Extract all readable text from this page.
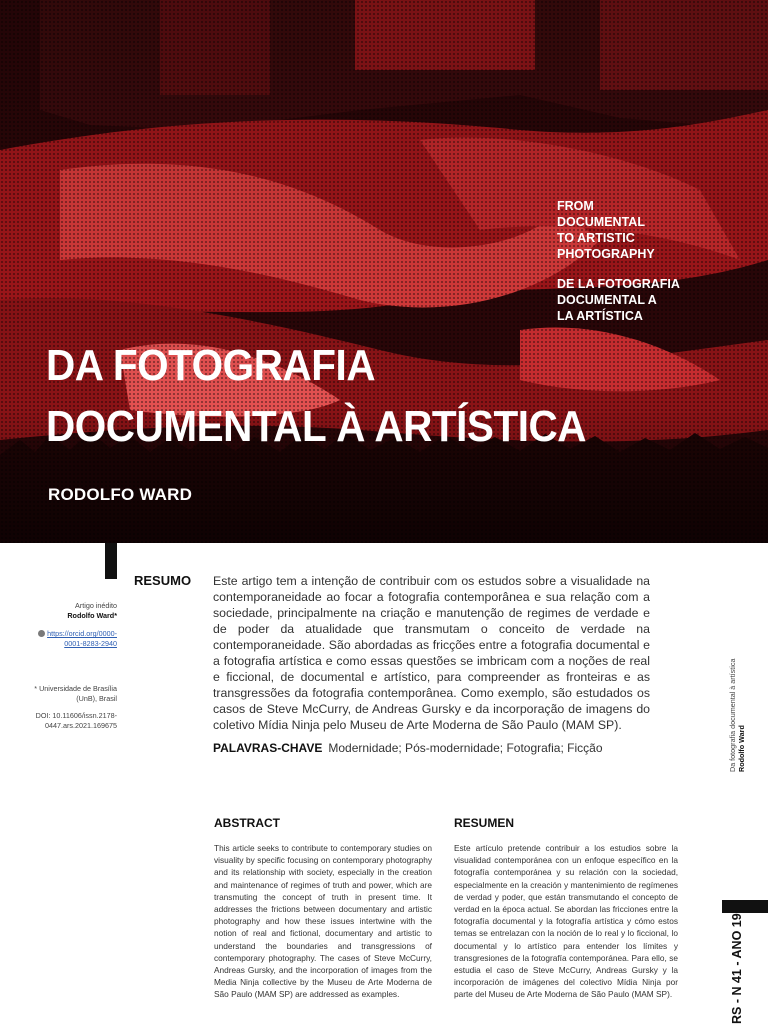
FROM
DOCUMENTAL
TO ARTISTIC
PHOTOGRAPHY
DE LA FOTOGRAFIA
DOCUMENTAL A
LA ARTÍSTICA
DA FOTOGRAFIA
DOCUMENTAL À ARTÍSTICA
RODOLFO WARD
RESUMO Este artigo tem a intenção de contribuir com os estudos sobre a visualidade na contemporaneidade ao focar a fotografia contemporânea e sua relação com a sociedade, principalmente na criação e manutenção de regimes de verdade e de poder da atualidade que transmutam o conceito de verdade na contemporaneidade. São abordadas as fricções entre a fotografia documental e a fotografia artística e como essas questões se imbricam com a noções de real e ficcional, de documental e artístico, para compreender as fronteiras e as transgressões da fotografia contemporânea. Como exemplo, são estudados os casos de Steve McCurry, de Andreas Gursky e da incorporação de imagens do coletivo Mídia Ninja pelo Museu de Arte Moderna de São Paulo (MAM SP).
PALAVRAS-CHAVE Modernidade; Pós-modernidade; Fotografia; Ficção
Artigo inédito
Rodolfo Ward*
https://orcid.org/0000-0001-8283-2940
* Universidade de Brasília (UnB), Brasil
DOI: 10.11606/issn.2178-0447.ars.2021.169675
ABSTRACT
This article seeks to contribute to contemporary studies on visuality by specific focusing on contemporary photography and its relationship with society, especially in the creation and maintenance of regimes of truth and power, which are transmuting the concept of truth in present time. It addresses the frictions between documentary and artistic photography and how these issues intertwine with the notion of real and fictional, documentary and artistic to understand the boundaries and transgressions of contemporary photography. The cases of Steve McCurry, Andreas Gursky, and the incorporation of images from the Media Ninja collective by the Museu de Arte Moderna de São Paulo (MAM SP) are addressed as examples.
RESUMEN
Este artículo pretende contribuir a los estudios sobre la visualidad contemporánea con un enfoque específico en la fotografía contemporánea y su relación con la sociedad, especialmente en la creación y mantenimiento de regímenes de verdad y poder, que están transmutando el concepto de verdad en la época actual. Se abordan las fricciones entre la fotografía documental y la fotografía artística y cómo estos temas se entrelazan con la noción de lo real y lo ficcional, lo documental y lo artístico para entender los límites y transgresiones de la fotografía contemporánea. Para ello, se estudia el caso de Steve McCurry, Andreas Gursky y la incorporación de imágenes del colectivo Mídia Ninja por parte del Museu de Arte Moderna de São Paulo (MAM SP).
Da fotografia documental à artística Rodolfo Ward
RS - N 41 - ANO 19
